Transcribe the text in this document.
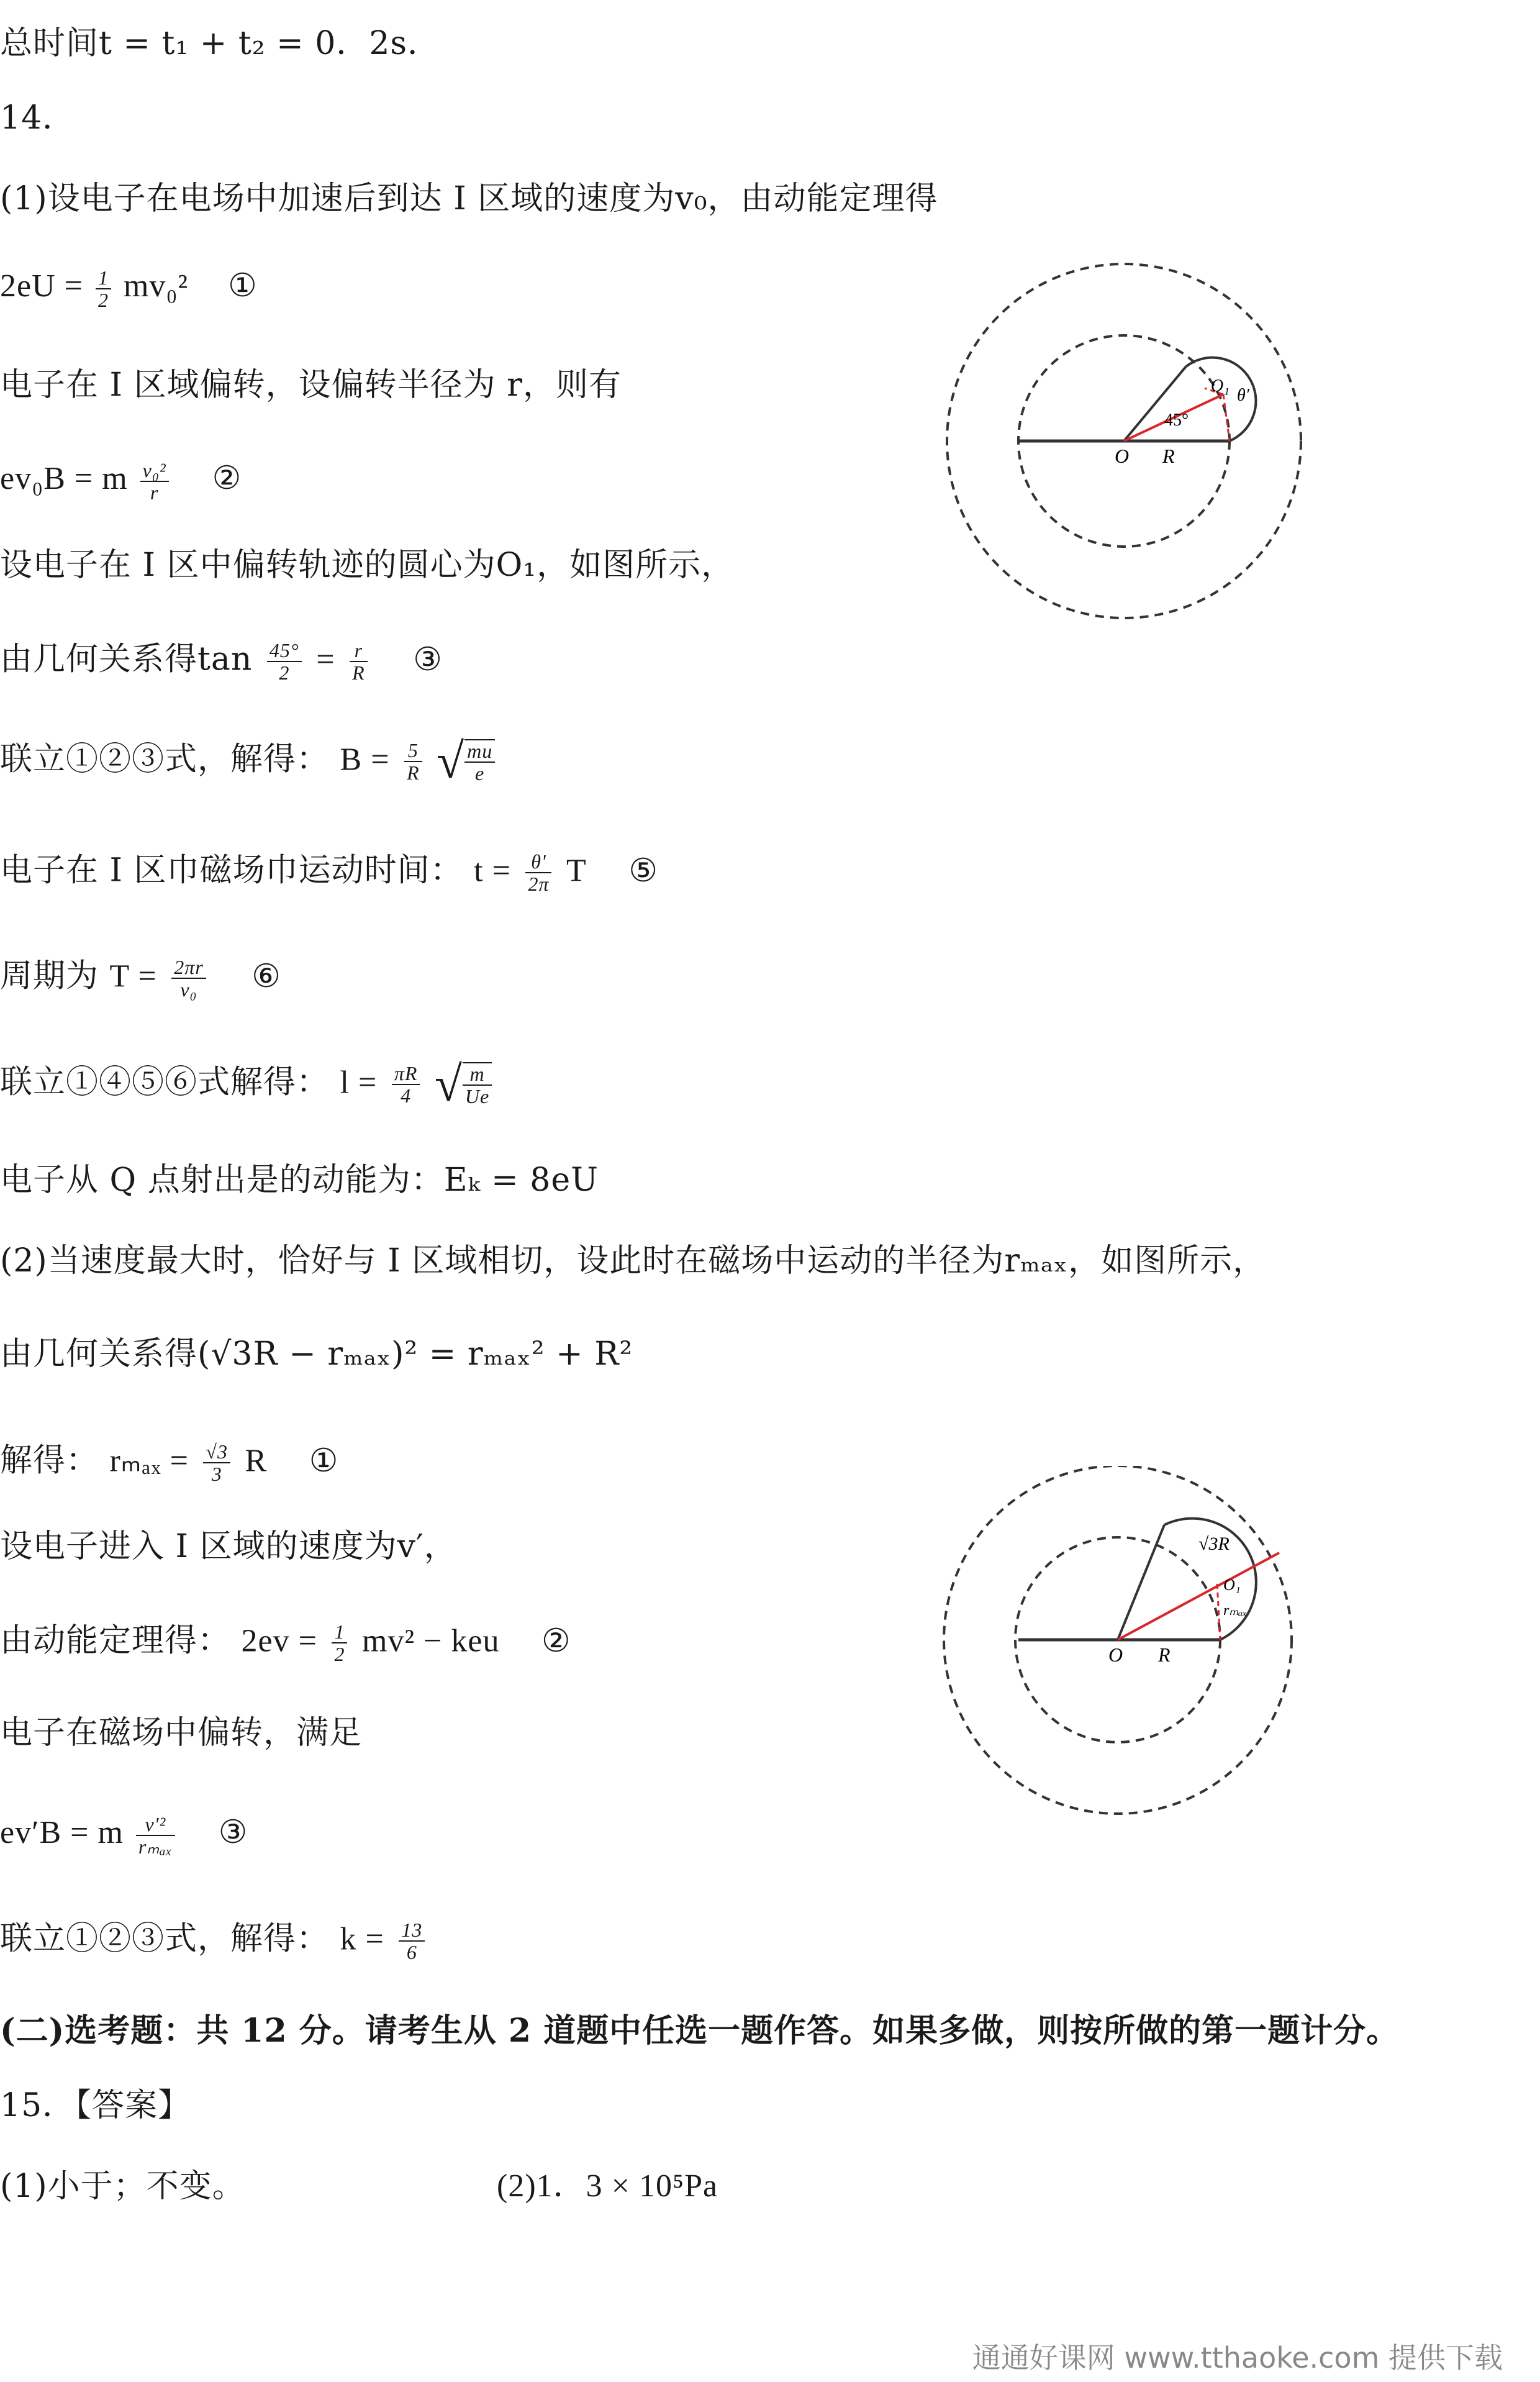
总时间t = t₁ + t₂ = 0．2s．
14．
(1)设电子在电场中加速后到达 I 区域的速度为v₀，由动能定理得
$2eU = \frac{1}{2} mv_0^2$ ①
电子在 I 区域偏转，设偏转半径为 r，则有
ev₀B = m $\frac{\text{v₀²}}{r}$ ②
设电子在 I 区中偏转轨迹的圆心为O₁，如图所示，
由几何关系得$\tan \frac{45^\circ}{2} = \frac{r}{R}$ ③
联立①②③式，解得： $B = \frac{5}{R}$ √ $\frac{mu}{e}$
电子在 I 区巾磁场巾运动时间： $t = \frac{\theta'}{2\pi}$ T ⑤
周期为 $T = \frac{2\pi r}{\text{v₀}}$ ⑥
联立①④⑤⑥式解得： $l = \frac{\pi R}{4}$ √ $\frac{m}{Ue}$
电子从 Q 点射出是的动能为：Eₖ = 8eU
(2)当速度最大时，恰好与 I 区域相切，设此时在磁场中运动的半径为rₘₐₓ，如图所示，
由几何关系得(√3R − rₘₐₓ)² = rₘₐₓ² + R²
解得： $r_{max} = \frac{√3}{3}$ R ①
设电子进入 I 区域的速度为v′，
由动能定理得： $2ev = \frac{1}{2} mv^2$ − keu ②
电子在磁场中偏转，满足
ev′B = m $\frac{\text{v′²}}{\text{rₘₐₓ}}$ ③
联立①②③式，解得： $k = \frac{13}{6}$
(二)选考题：共 12 分。请考生从 2 道题中任选一题作答。如果多做，则按所做的第一题计分。
15．【答案】
(1)小于；不变。	(2)1．3 × 10⁵Pa
O R
45°
O₁ θ′
O R
√3R
O₁
rₘₐₓ
通通好课网 www.tthaoke.com 提供下载
